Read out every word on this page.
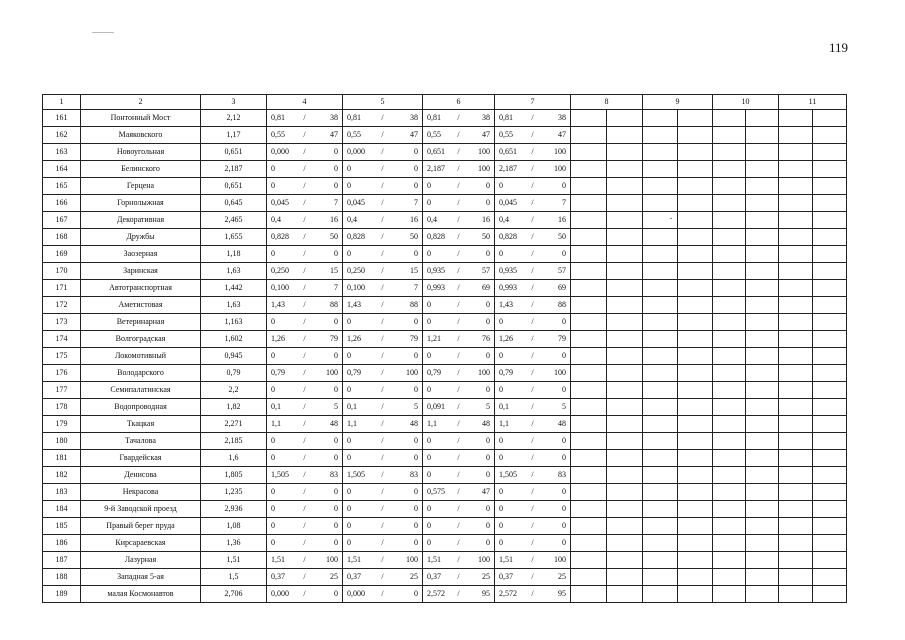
119
1	2	3	4	5	6	7	8	9	10	11
161	Понтонный Мост	2,12	0,81 / 38	0,81 / 38	0,81 / 38	0,81 / 38				

162	Маяковского	1,17	0,55 / 47	0,55 / 47	0,55 / 47	0,55 / 47				

163	Новоугольная	0,651	0,000 / 0	0,000 / 0	0,651 / 100	0,651 / 100				

164	Белинского	2,187	0 / 0	0 / 0	2,187 / 100	2,187 / 100				

165	Герцена	0,651	0 / 0	0 / 0	0 / 0	0 / 0				

166	Горнолыжная	0,645	0,045 / 7	0,045 / 7	0 / 0	0,045 / 7				

167	Декоративная	2,465	0,4 / 16	0,4 / 16	0,4 / 16	0,4 / 16				

168	Дружбы	1,655	0,828 / 50	0,828 / 50	0,828 / 50	0,828 / 50				

169	Заозерная	1,18	0 / 0	0 / 0	0 / 0	0 / 0				

170	Заринская	1,63	0,250 / 15	0,250 / 15	0,935 / 57	0,935 / 57				

171	Автотранспортная	1,442	0,100 / 7	0,100 / 7	0,993 / 69	0,993 / 69				

172	Аметистовая	1,63	1,43 / 88	1,43 / 88	0 / 0	1,43 / 88				

173	Ветеринарная	1,163	0 / 0	0 / 0	0 / 0	0 / 0				

174	Волгоградская	1,602	1,26 / 79	1,26 / 79	1,21 / 76	1,26 / 79				

175	Локомотивный	0,945	0 / 0	0 / 0	0 / 0	0 / 0				

176	Володарского	0,79	0,79 / 100	0,79 / 100	0,79 / 100	0,79 / 100				

177	Семипалатинская	2,2	0 / 0	0 / 0	0 / 0	0 / 0				

178	Водопроводная	1,82	0,1 / 5	0,1 / 5	0,091 / 5	0,1 / 5				

179	Ткацкая	2,271	1,1 / 48	1,1 / 48	1,1 / 48	1,1 / 48				

180	Тачалова	2,185	0 / 0	0 / 0	0 / 0	0 / 0				

181	Гвардейская	1,6	0 / 0	0 / 0	0 / 0	0 / 0				

182	Денисова	1,805	1,505 / 83	1,505 / 83	0 / 0	1,505 / 83				

183	Некрасова	1,235	0 / 0	0 / 0	0,575 / 47	0 / 0				

184	9-й Заводской проезд	2,936	0 / 0	0 / 0	0 / 0	0 / 0				

185	Правый берег пруда	1,08	0 / 0	0 / 0	0 / 0	0 / 0				

186	Кирсараевская	1,36	0 / 0	0 / 0	0 / 0	0 / 0				

187	Лазурная	1,51	1,51 / 100	1,51 / 100	1,51 / 100	1,51 / 100				

188	Западная 5-ая	1,5	0,37 / 25	0,37 / 25	0,37 / 25	0,37 / 25				

189	малая Космонавтов	2,706	0,000 / 0	0,000 / 0	2,572 / 95	2,572 / 95				
